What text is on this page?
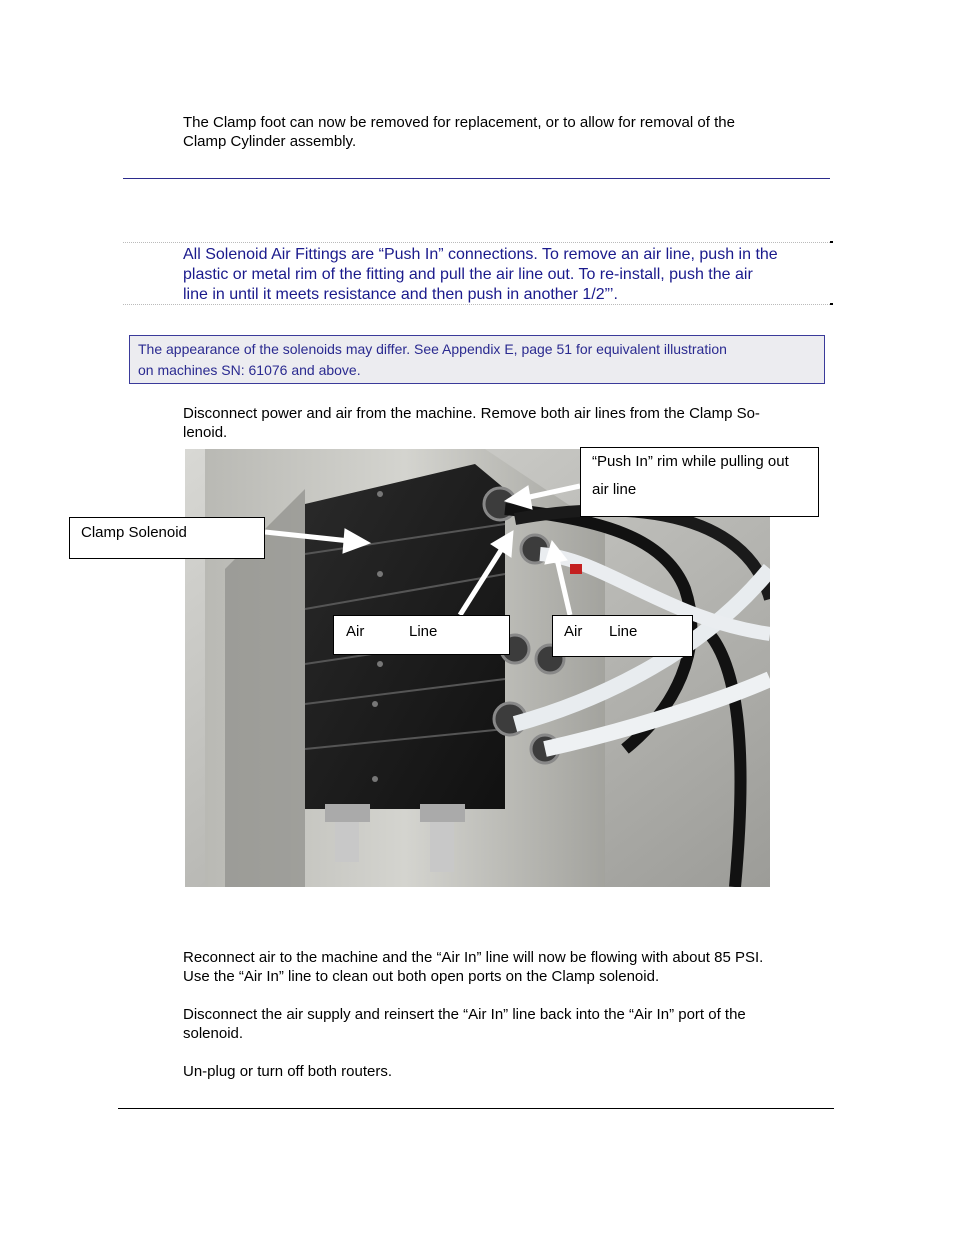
The Clamp foot can now be removed for replacement, or to allow for removal of the
Clamp Cylinder assembly.
All Solenoid Air Fittings are “Push In” connections. To remove an air line, push in the
plastic or metal rim of the fitting and pull the air line out. To re-install, push the air
line in until it meets resistance and then push in another 1/2”’.
The appearance of the solenoids may differ. See Appendix E, page 51 for equivalent illustration
on machines SN: 61076 and above.
Disconnect power and air from the machine. Remove both air lines from the Clamp So-
lenoid.
“Push In” rim while pulling out
air line
Clamp Solenoid
Air	Line	Air Line
Reconnect air to the machine and the “Air In” line will now be flowing with about 85 PSI.
Use the “Air In” line to clean out both open ports on the Clamp solenoid.
Disconnect the air supply and reinsert the “Air In” line back into the “Air In” port of the
solenoid.
Un-plug or turn off both routers.
